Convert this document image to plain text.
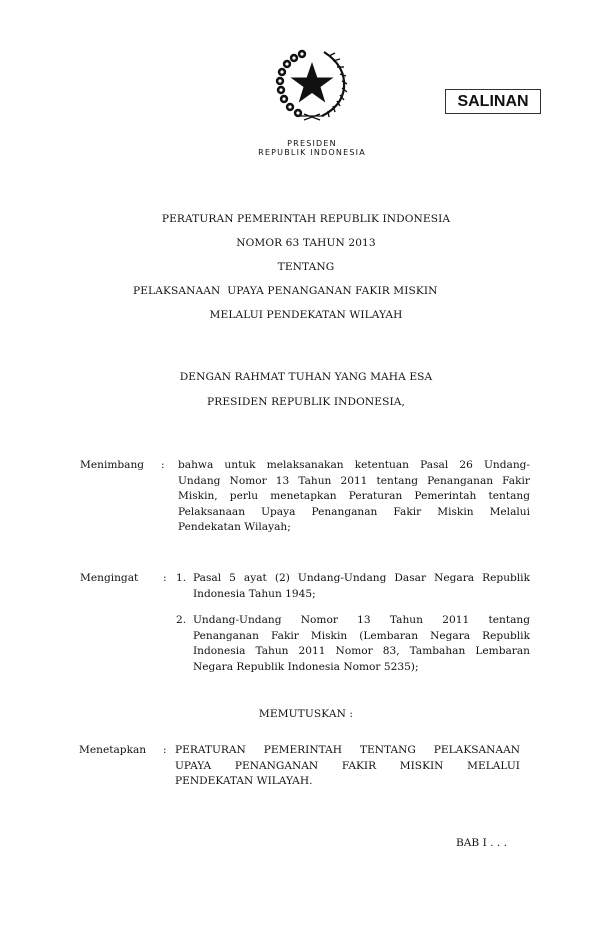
PRESIDEN
REPUBLIK INDONESIA
SALINAN
PERATURAN PEMERINTAH REPUBLIK INDONESIA
NOMOR 63 TAHUN 2013
TENTANG
PELAKSANAAN  UPAYA PENANGANAN FAKIR MISKIN
MELALUI PENDEKATAN WILAYAH
DENGAN RAHMAT TUHAN YANG MAHA ESA
PRESIDEN REPUBLIK INDONESIA,
Menimbang : bahwa untuk melaksanakan ketentuan Pasal 26 Undang-
Undang Nomor 13 Tahun 2011 tentang Penanganan Fakir
Miskin, perlu menetapkan Peraturan Pemerintah tentang
Pelaksanaan Upaya Penanganan Fakir Miskin Melalui
Pendekatan Wilayah;
Mengingat : 1. Pasal 5 ayat (2) Undang-Undang Dasar Negara Republik
Indonesia Tahun 1945;
2. Undang-Undang Nomor 13 Tahun 2011 tentang
Penanganan Fakir Miskin (Lembaran Negara Republik
Indonesia Tahun 2011 Nomor 83, Tambahan Lembaran
Negara Republik Indonesia Nomor 5235);
MEMUTUSKAN :
Menetapkan : PERATURAN PEMERINTAH TENTANG PELAKSANAAN
UPAYA PENANGANAN FAKIR MISKIN MELALUI
PENDEKATAN WILAYAH.
BAB I . . .
